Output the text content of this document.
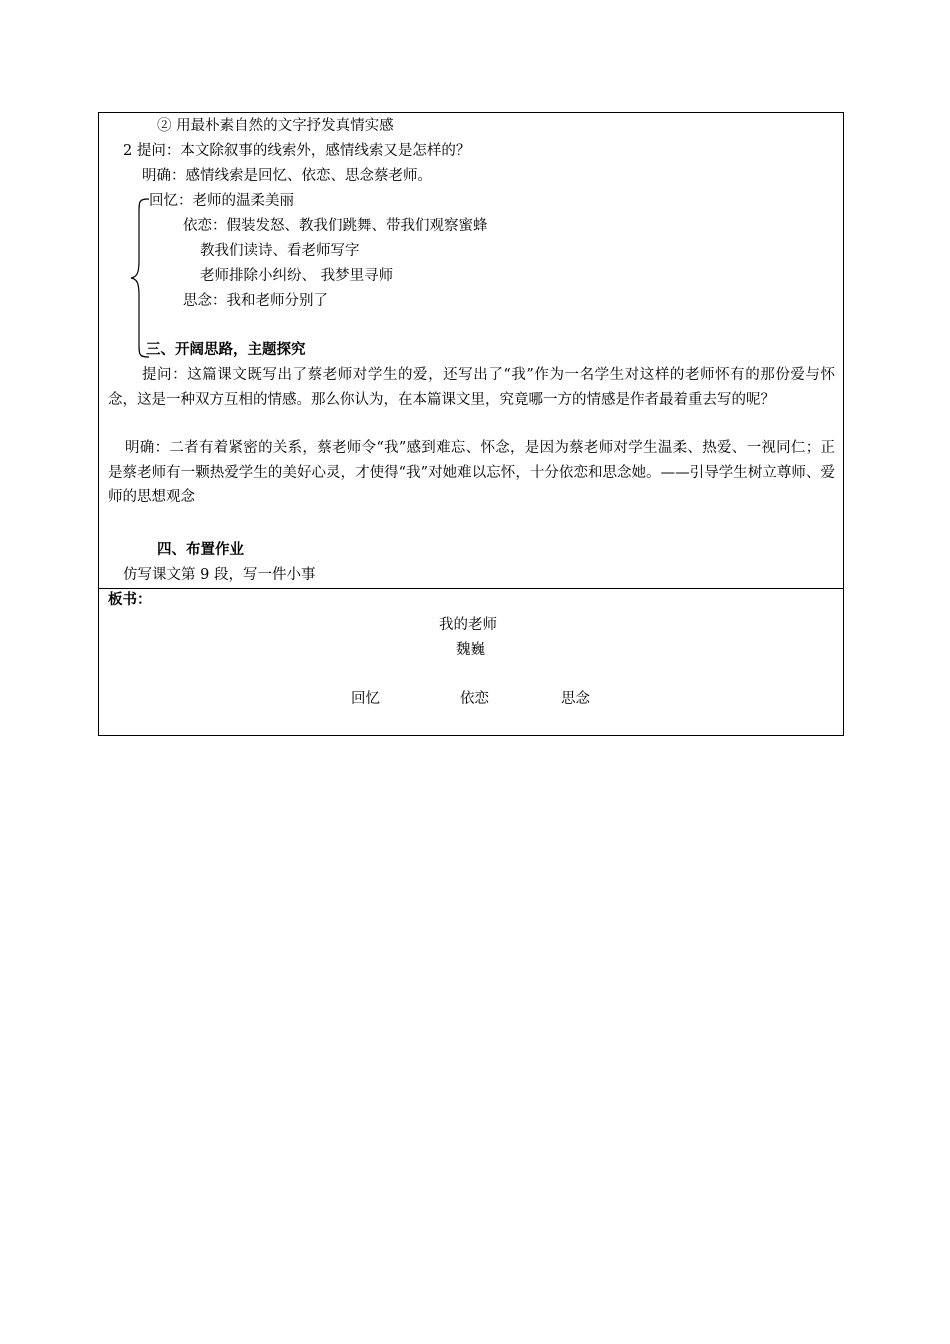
② 用最朴素自然的文字抒发真情实感
2 提问：本文除叙事的线索外，感情线索又是怎样的？
明确：感情线索是回忆、依恋、思念蔡老师。
回忆：老师的温柔美丽
依恋：假装发怒、教我们跳舞、带我们观察蜜蜂
教我们读诗、看老师写字
老师排除小纠纷、 我梦里寻师
思念：我和老师分别了
三、开阔思路，主题探究
提问：这篇课文既写出了蔡老师对学生的爱，还写出了“我”作为一名学生对这样的老师怀有的那份爱与怀念，这是一种双方互相的情感。那么你认为，在本篇课文里，究竟哪一方的情感是作者最着重去写的呢？
明确：二者有着紧密的关系，蔡老师令“我”感到难忘、怀念，是因为蔡老师对学生温柔、热爱、一视同仁；正是蔡老师有一颗热爱学生的美好心灵，才使得“我”对她难以忘怀，十分依恋和思念她。——引导学生树立尊师、爱师的思想观念
四、布置作业
仿写课文第 9 段，写一件小事
板书：
我的老师
魏巍
回忆	依恋	思念
